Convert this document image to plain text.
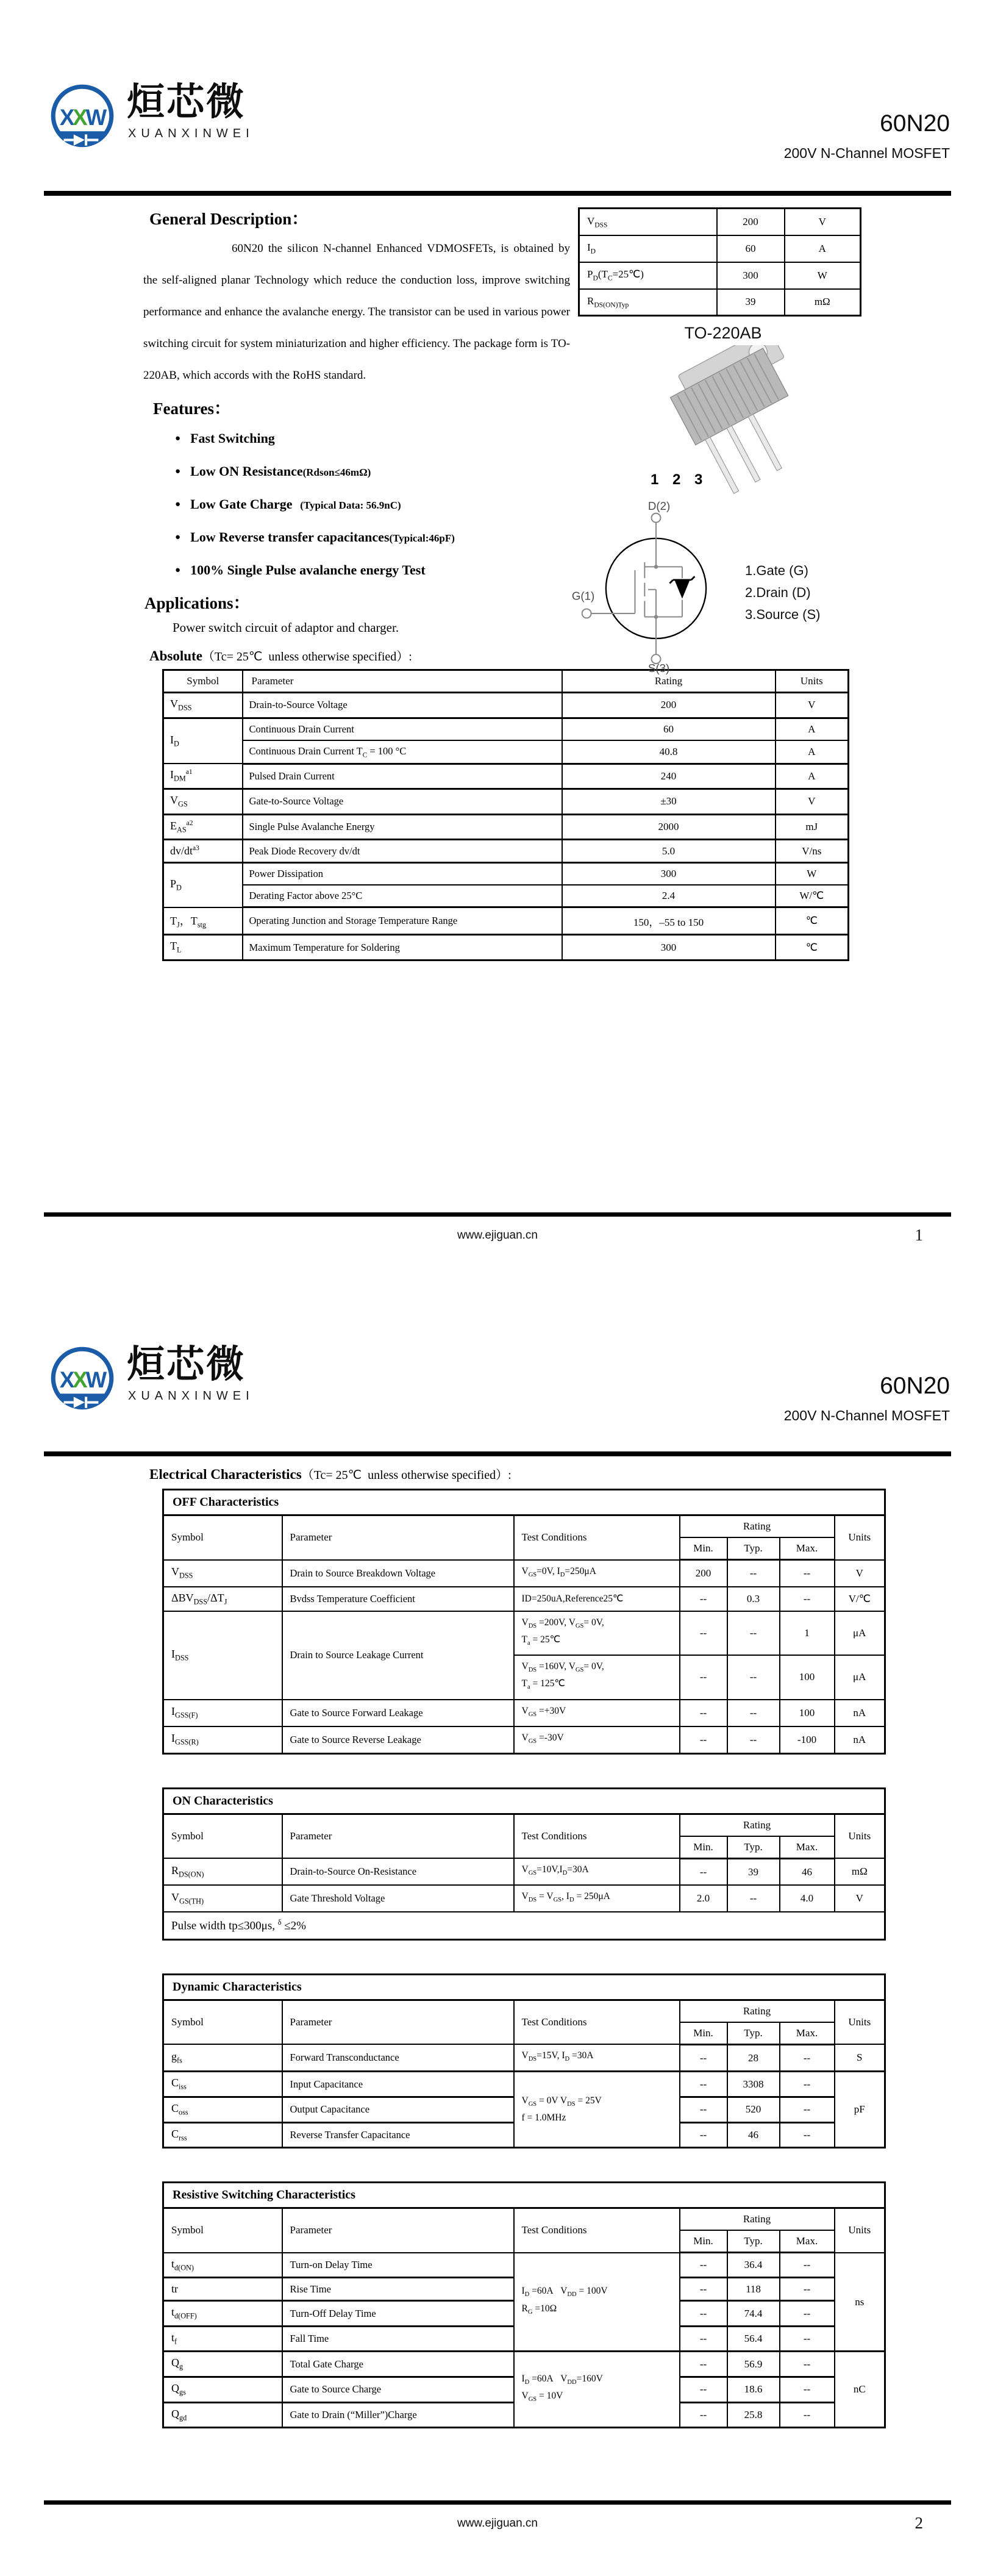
XXW 烜芯微
XUANXINWEI	60N20
200V N-Channel MOSFET
General Description：

60N20 the silicon N-channel Enhanced VDMOSFETs, is obtained by the self-aligned planar Technology which reduce the conduction loss, improve switching performance and enhance the avalanche energy. The transistor can be used in various power switching circuit for system miniaturization and higher efficiency. The package form is TO-220AB, which accords with the RoHS standard.

Features：
● Fast Switching
● Low ON Resistance(Rdson≤46mΩ)
● Low Gate Charge   (Typical Data: 56.9nC)
● Low Reverse transfer capacitances(Typical:46pF)
● 100% Single Pulse avalanche energy Test
Applications：

Power switch circuit of adaptor and charger.

$V_{DSS}$	200	V
$I_D$	60	A
$P_D(T_C=25℃)$	300	W
$R_{DS(ON)Typ}$	39	mΩ
TO-220AB
1 2 3
D(2)
G(1)
S(3)
1.Gate (G)
2.Drain (D)
3.Source (S)
Absolute（Tc= 25℃  unless otherwise specified）:
Symbol	Parameter	Rating	Units
$V_{DSS}$	Drain-to-Source Voltage	200	V
$I_D$	Continuous Drain Current	60	A
	Continuous Drain Current $T_C = 100$ °C	40.8	A
$I_{DM}^{a1}$	Pulsed Drain Current	240	A
$V_{GS}$	Gate-to-Source Voltage	±30	V
$E_{AS}^{a2}$	Single Pulse Avalanche Energy	2000	mJ
$dv/dt^{a3}$	Peak Diode Recovery dv/dt	5.0	V/ns
$P_D$	Power Dissipation	300	W
	Derating Factor above 25°C	2.4	W/℃
$T_J$，$T_{stg}$	Operating Junction and Storage Temperature Range	150，–55 to 150	℃
$T_L$	Maximum Temperature for Soldering	300	℃
www.ejiguan.cn	1
XXW 烜芯微
XUANXINWEI	60N20
200V N-Channel MOSFET
Electrical Characteristics（Tc= 25℃  unless otherwise specified）:
OFF Characteristics						
Symbol	Parameter	Test Conditions	Rating			Units
			Min.	Typ.	Max.	
$V_{DSS}$	Drain to Source Breakdown Voltage	$V_{GS}=0V$, $I_D=250\mu A$	200	--	--	V
$\Delta BV_{DSS}/\Delta T_J$	Bvdss Temperature Coefficient	ID=250uA,Reference25℃	--	0.3	--	V/℃
$I_{DSS}$	Drain to Source Leakage Current	$V_{DS} =200V$, $V_{GS}= 0V$,
$T_a$ = 25℃	--	--	1	μA
		$V_{DS} =160V$, $V_{GS}= 0V$,
$T_a$ = 125℃	--	--	100	μA
$I_{GSS(F)}$	Gate to Source Forward Leakage	$V_{GS} =+30V$	--	--	100	nA
$I_{GSS(R)}$	Gate to Source Reverse Leakage	$V_{GS} =-30V$	--	--	-100	nA
ON Characteristics						
Symbol	Parameter	Test Conditions	Rating			Units
			Min.	Typ.	Max.	
$R_{DS(ON)}$	Drain-to-Source On-Resistance	$V_{GS}=10V,I_D=30A$	--	39	46	mΩ
$V_{GS(TH)}$	Gate Threshold Voltage	$V_{DS} = V_{GS}$, $I_D = 250\mu A$	2.0	--	4.0	V
Pulse width tp≤300μs, $^\delta$ ≤2%						
Dynamic Characteristics						
Symbol	Parameter	Test Conditions	Rating			Units
			Min.	Typ.	Max.	
$g_{fs}$	Forward Transconductance	$V_{DS}=15V$, $I_D =30A$	--	28	--	S
$C_{iss}$	Input Capacitance	$V_{GS} = 0V$ $V_{DS} = 25V$
f = 1.0MHz	--	3308	--	pF
$C_{oss}$	Output Capacitance		--	520	--	
$C_{rss}$	Reverse Transfer Capacitance		--	46	--	
Resistive Switching Characteristics						
Symbol	Parameter	Test Conditions	Rating			Units
			Min.	Typ.	Max.	
$t_{d(ON)}$	Turn-on Delay Time	$I_D =60A$   $V_{DD} = 100V$
$R_G =10\Omega$	--	36.4	--	ns
tr	Rise Time		--	118	--	
$t_{d(OFF)}$	Turn-Off Delay Time		--	74.4	--	
$t_f$	Fall Time		--	56.4	--	
$Q_g$	Total Gate Charge	$I_D =60A$   $V_{DD}=160V$
$V_{GS} = 10V$	--	56.9	--	nC
$Q_{gs}$	Gate to Source Charge		--	18.6	--	
$Q_{gd}$	Gate to Drain (“Miller”)Charge		--	25.8	--	
www.ejiguan.cn	2
